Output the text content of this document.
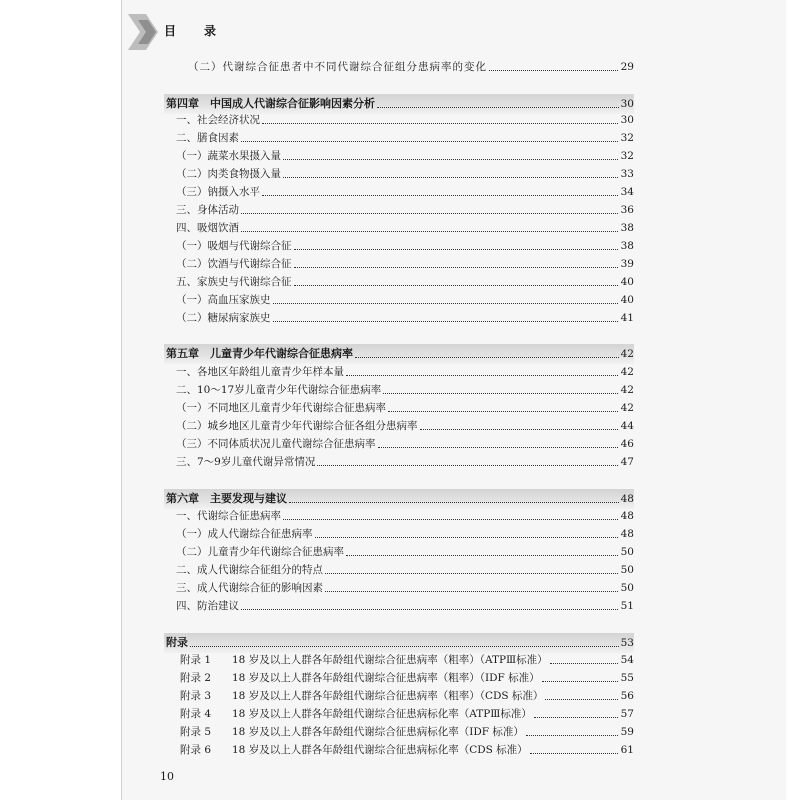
目　录
（二）代谢综合征患者中不同代谢综合征组分患病率的变化	29
第四章　中国成人代谢综合征影响因素分析	30
一、社会经济状况	30
二、膳食因素	32
（一）蔬菜水果摄入量	32
（二）肉类食物摄入量	33
（三）钠摄入水平	34
三、身体活动	36
四、吸烟饮酒	38
（一）吸烟与代谢综合征	38
（二）饮酒与代谢综合征	39
五、家族史与代谢综合征	40
（一）高血压家族史	40
（二）糖尿病家族史	41
第五章　儿童青少年代谢综合征患病率	42
一、各地区年龄组儿童青少年样本量	42
二、10～17岁儿童青少年代谢综合征患病率	42
（一）不同地区儿童青少年代谢综合征患病率	42
（二）城乡地区儿童青少年代谢综合征各组分患病率	44
（三）不同体质状况儿童代谢综合征患病率	46
三、7～9岁儿童代谢异常情况	47
第六章　主要发现与建议	48
一、代谢综合征患病率	48
（一）成人代谢综合征患病率	48
（二）儿童青少年代谢综合征患病率	50
二、成人代谢综合征组分的特点	50
三、成人代谢综合征的影响因素	50
四、防治建议	51
附录	53
附录 1 18 岁及以上人群各年龄组代谢综合征患病率（粗率）（ATPⅢ标准）	54
附录 2 18 岁及以上人群各年龄组代谢综合征患病率（粗率）（IDF 标准）	55
附录 3 18 岁及以上人群各年龄组代谢综合征患病率（粗率）（CDS 标准）	56
附录 4 18 岁及以上人群各年龄组代谢综合征患病标化率（ATPⅢ标准）	57
附录 5 18 岁及以上人群各年龄组代谢综合征患病标化率（IDF 标准）	59
附录 6 18 岁及以上人群各年龄组代谢综合征患病标化率（CDS 标准）	61
10
